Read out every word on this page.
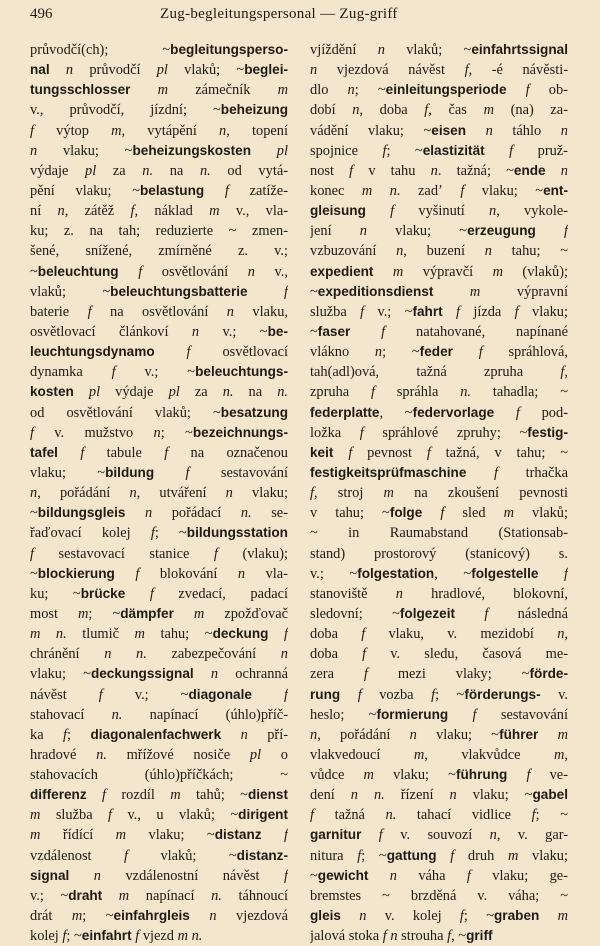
496	Zug-begleitungspersonal — Zug-griff
průvodčí(ch); ~begleitungsperso-
nal n průvodčí pl vlaků; ~beglei-
tungsschlosser m zámečník m
v., průvodčí, jízdní; ~beheizung
f výtop m, vytápění n, topení
n vlaku; ~beheizungskosten pl
výdaje pl za n. na n. od vytá-
pění vlaku; ~belastung f zatíže-
ní n, zátěž f, náklad m v., vla-
ku; z. na tah; reduzierte ~ zmen-
šené, snížené, zmírněné z. v.;
~beleuchtung f osvětlování n v.,
vlaků; ~beleuchtungsbatterie	f
baterie f na osvětlování n vlaku,
osvětlovací článkoví n v.; ~be-
leuchtungsdynamo f osvětlovací
dynamka f v.; ~beleuchtungs-
kosten pl výdaje pl za n. na n.
od osvětlování vlaků; ~besatzung
f v. mužstvo n; ~bezeichnungs-
tafel f tabule f na označenou
vlaku; ~bildung f sestavování
n, pořádání n, utváření n vlaku;
~bildungsgleis n pořádací n. se-
řaďovací kolej f; ~bildungsstation
f sestavovací stanice f (vlaku);
~blockierung f blokování n vla-
ku; ~brücke f zvedací, padací
most m; ~dämpfer m zpožďovač
m n. tlumič m tahu; ~deckung f
chránění n n. zabezpečování n
vlaku; ~deckungssignal n ochranná
návěst f v.; ~diagonale f
stahovací n. napínací (úhlo)příč-
ka f; diagonalenfachwerk n pří-
hradové n. mřížové nosiče pl o
stahovacích (úhlo)příčkách; ~
differenz f rozdíl m tahů; ~dienst
m služba f v., u vlaků; ~dirigent
m řídící m vlaku; ~distanz f
vzdálenost f vlaků; ~distanz-
signal n vzdálenostní návěst f
v.; ~draht m napínací n. táhnoucí
drát m; ~einfahrgleis n vjezdová
kolej f; ~einfahrt f vjezd m n.
vjíždění n vlaků; ~einfahrtssignal
n vjezdová návěst f, -é návěsti-
dlo n; ~einleitungsperiode f ob-
dobí n, doba f, čas m (na) za-
vádění vlaku; ~eisen n táhlo n
spojnice f; ~elastizität f pruž-
nost f v tahu n. tažná; ~ende n
konec m n. zadʼ f vlaku; ~ent-
gleisung f vyšinutí n, vykole-
jení n vlaku; ~erzeugung f
vzbuzování n, buzení n tahu; ~
expedient m výpravčí m (vlaků);
~expeditionsdienst	m výpravní
služba f v.; ~fahrt f jízda f vlaku;
~faser f natahované, napínané
vlákno n; ~feder f spráhlová,
tah(adl)ová, tažná zpruha f,
zpruha f spráhla n. tahadla; ~
federplatte, ~federvorlage f pod-
ložka f spráhlové zpruhy; ~festig-
keit f pevnost f tažná, v tahu; ~
festigkeitsprüfmaschine f trhačka
f, stroj m na zkoušení pevnosti
v tahu; ~folge f sled m vlaků;
~ in Raumabstand (Stationsab-
stand) prostorový (stanicový) s.
v.; ~folgestation, ~folgestelle f
stanoviště n hradlové, blokovní,
sledovní; ~folgezeit f následná
doba f vlaku, v. mezidobí n,
doba f v. sledu, časová me-
zera f mezi vlaky; ~förde-
rung f vozba f; ~förderungs- v.
heslo; ~formierung f sestavování
n, pořádání n vlaku; ~führer m
vlakvedoucí m, vlakvůdce m,
vůdce m vlaku; ~führung f ve-
dení n n. řízení n vlaku; ~gabel
f tažná n. tahací vidlice f; ~
garnitur f v. souvozí n, v. gar-
nitura f; ~gattung f druh m vlaku;
~gewicht n váha f vlaku; ge-
bremstes ~ brzděná v. váha; ~
gleis n v. kolej f; ~graben m
jalová stoka f n strouha f, ~griff
